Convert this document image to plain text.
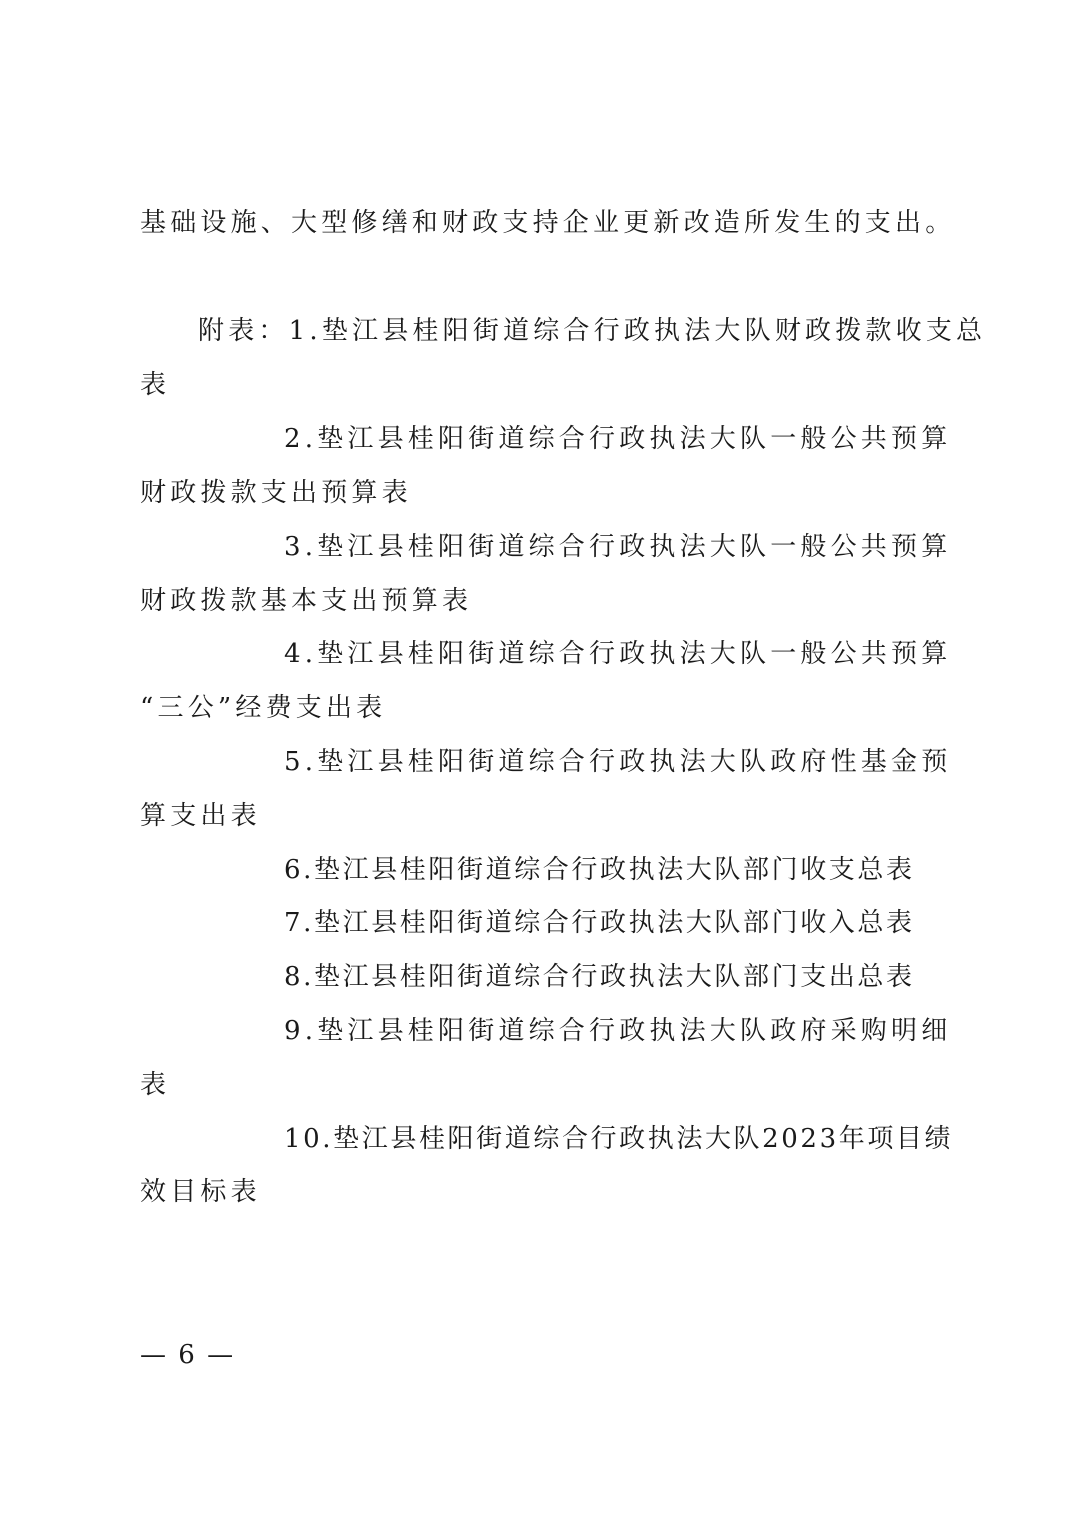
基础设施、大型修缮和财政支持企业更新改造所发生的支出。
附表：1.垫江县桂阳街道综合行政执法大队财政拨款收支总
表
2.垫江县桂阳街道综合行政执法大队一般公共预算
财政拨款支出预算表
3.垫江县桂阳街道综合行政执法大队一般公共预算
财政拨款基本支出预算表
4.垫江县桂阳街道综合行政执法大队一般公共预算
“三公”经费支出表
5.垫江县桂阳街道综合行政执法大队政府性基金预
算支出表
6.垫江县桂阳街道综合行政执法大队部门收支总表
7.垫江县桂阳街道综合行政执法大队部门收入总表
8.垫江县桂阳街道综合行政执法大队部门支出总表
9.垫江县桂阳街道综合行政执法大队政府采购明细
表
10.垫江县桂阳街道综合行政执法大队2023年项目绩
效目标表
— 6 —
